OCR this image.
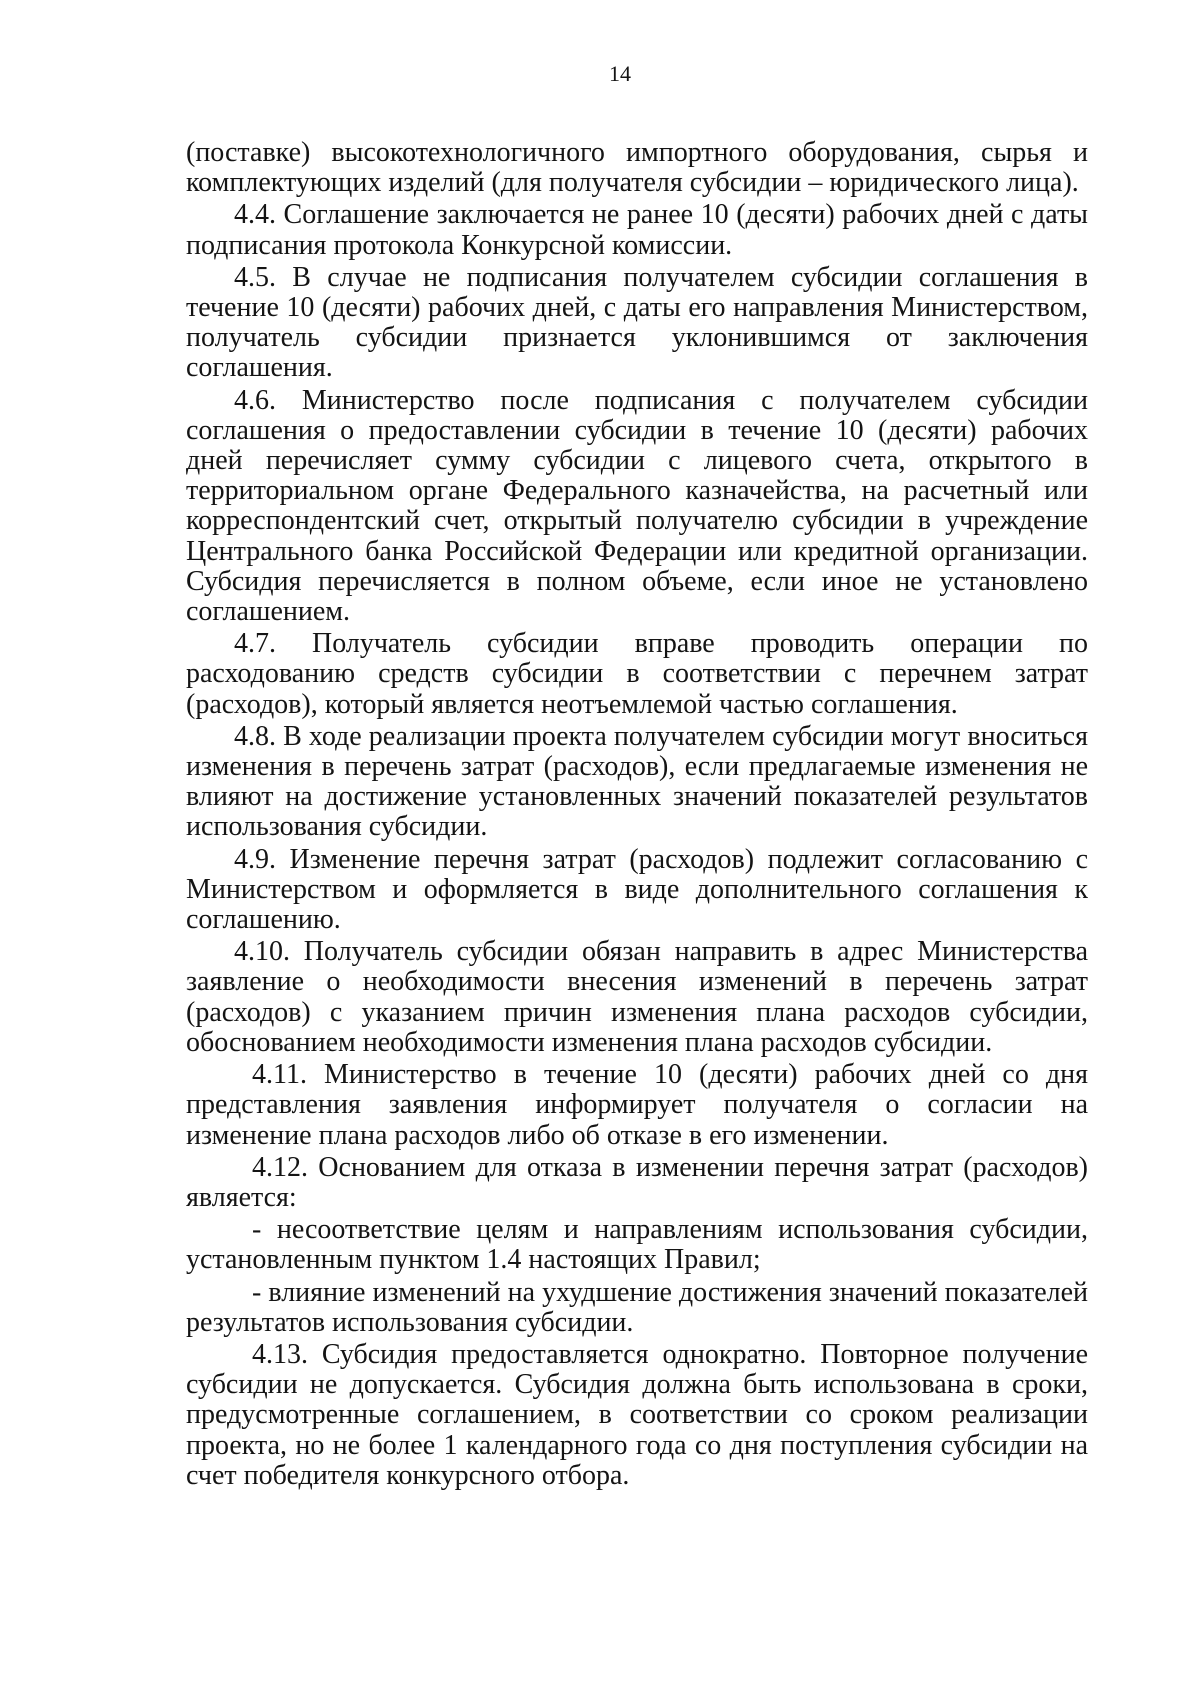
14

(поставке) высокотехнологичного импортного оборудования, сырья и комплектующих изделий (для получателя субсидии – юридического лица).

4.4. Соглашение заключается не ранее 10 (десяти) рабочих дней с даты подписания протокола Конкурсной комиссии.

4.5. В случае не подписания получателем субсидии соглашения в течение 10 (десяти) рабочих дней, с даты его направления Министерством, получатель субсидии признается уклонившимся от заключения соглашения.

4.6. Министерство после подписания с получателем субсидии соглашения о предоставлении субсидии в течение 10 (десяти) рабочих дней перечисляет сумму субсидии с лицевого счета, открытого в территориальном органе Федерального казначейства, на расчетный или корреспондентский счет, открытый получателю субсидии в учреждение Центрального банка Российской Федерации или кредитной организации. Субсидия перечисляется в полном объеме, если иное не установлено соглашением.

4.7. Получатель субсидии вправе проводить операции по расходованию средств субсидии в соответствии с перечнем затрат (расходов), который является неотъемлемой частью соглашения.

4.8. В ходе реализации проекта получателем субсидии могут вноситься изменения в перечень затрат (расходов), если предлагаемые изменения не влияют на достижение установленных значений показателей результатов использования субсидии.

4.9. Изменение перечня затрат (расходов) подлежит согласованию с Министерством и оформляется в виде дополнительного соглашения к соглашению.

4.10. Получатель субсидии обязан направить в адрес Министерства заявление о необходимости внесения изменений в перечень затрат (расходов) с указанием причин изменения плана расходов субсидии, обоснованием необходимости изменения плана расходов субсидии.

4.11. Министерство в течение 10 (десяти) рабочих дней со дня представления заявления информирует получателя о согласии на изменение плана расходов либо об отказе в его изменении.

4.12. Основанием для отказа в изменении перечня затрат (расходов) является:

- несоответствие целям и направлениям использования субсидии, установленным пунктом 1.4 настоящих Правил;

- влияние изменений на ухудшение достижения значений показателей результатов использования субсидии.

4.13. Субсидия предоставляется однократно. Повторное получение субсидии не допускается. Субсидия должна быть использована в сроки, предусмотренные соглашением, в соответствии со сроком реализации проекта, но не более 1 календарного года со дня поступления субсидии на счет победителя конкурсного отбора.
